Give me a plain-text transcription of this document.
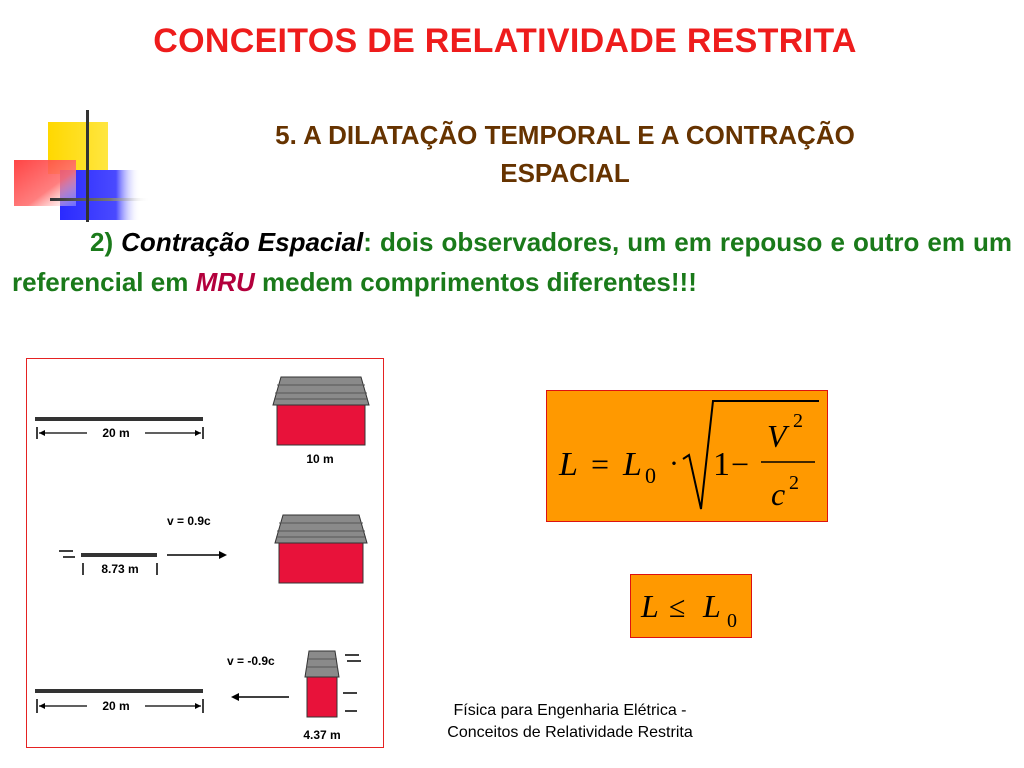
CONCEITOS DE RELATIVIDADE RESTRITA
5. A DILATAÇÃO TEMPORAL E A CONTRAÇÃO
ESPACIAL
2) Contração Espacial: dois observadores, um em repouso e outro em um referencial em MRU medem comprimentos diferentes!!!
20 m
10 m
v = 0.9c
8.73 m
v = -0.9c
4.37 m
20 m
L = L 0 · 1 −
V 2
c 2
L ≤ L 0
Física para Engenharia Elétrica -
Conceitos de Relatividade Restrita
